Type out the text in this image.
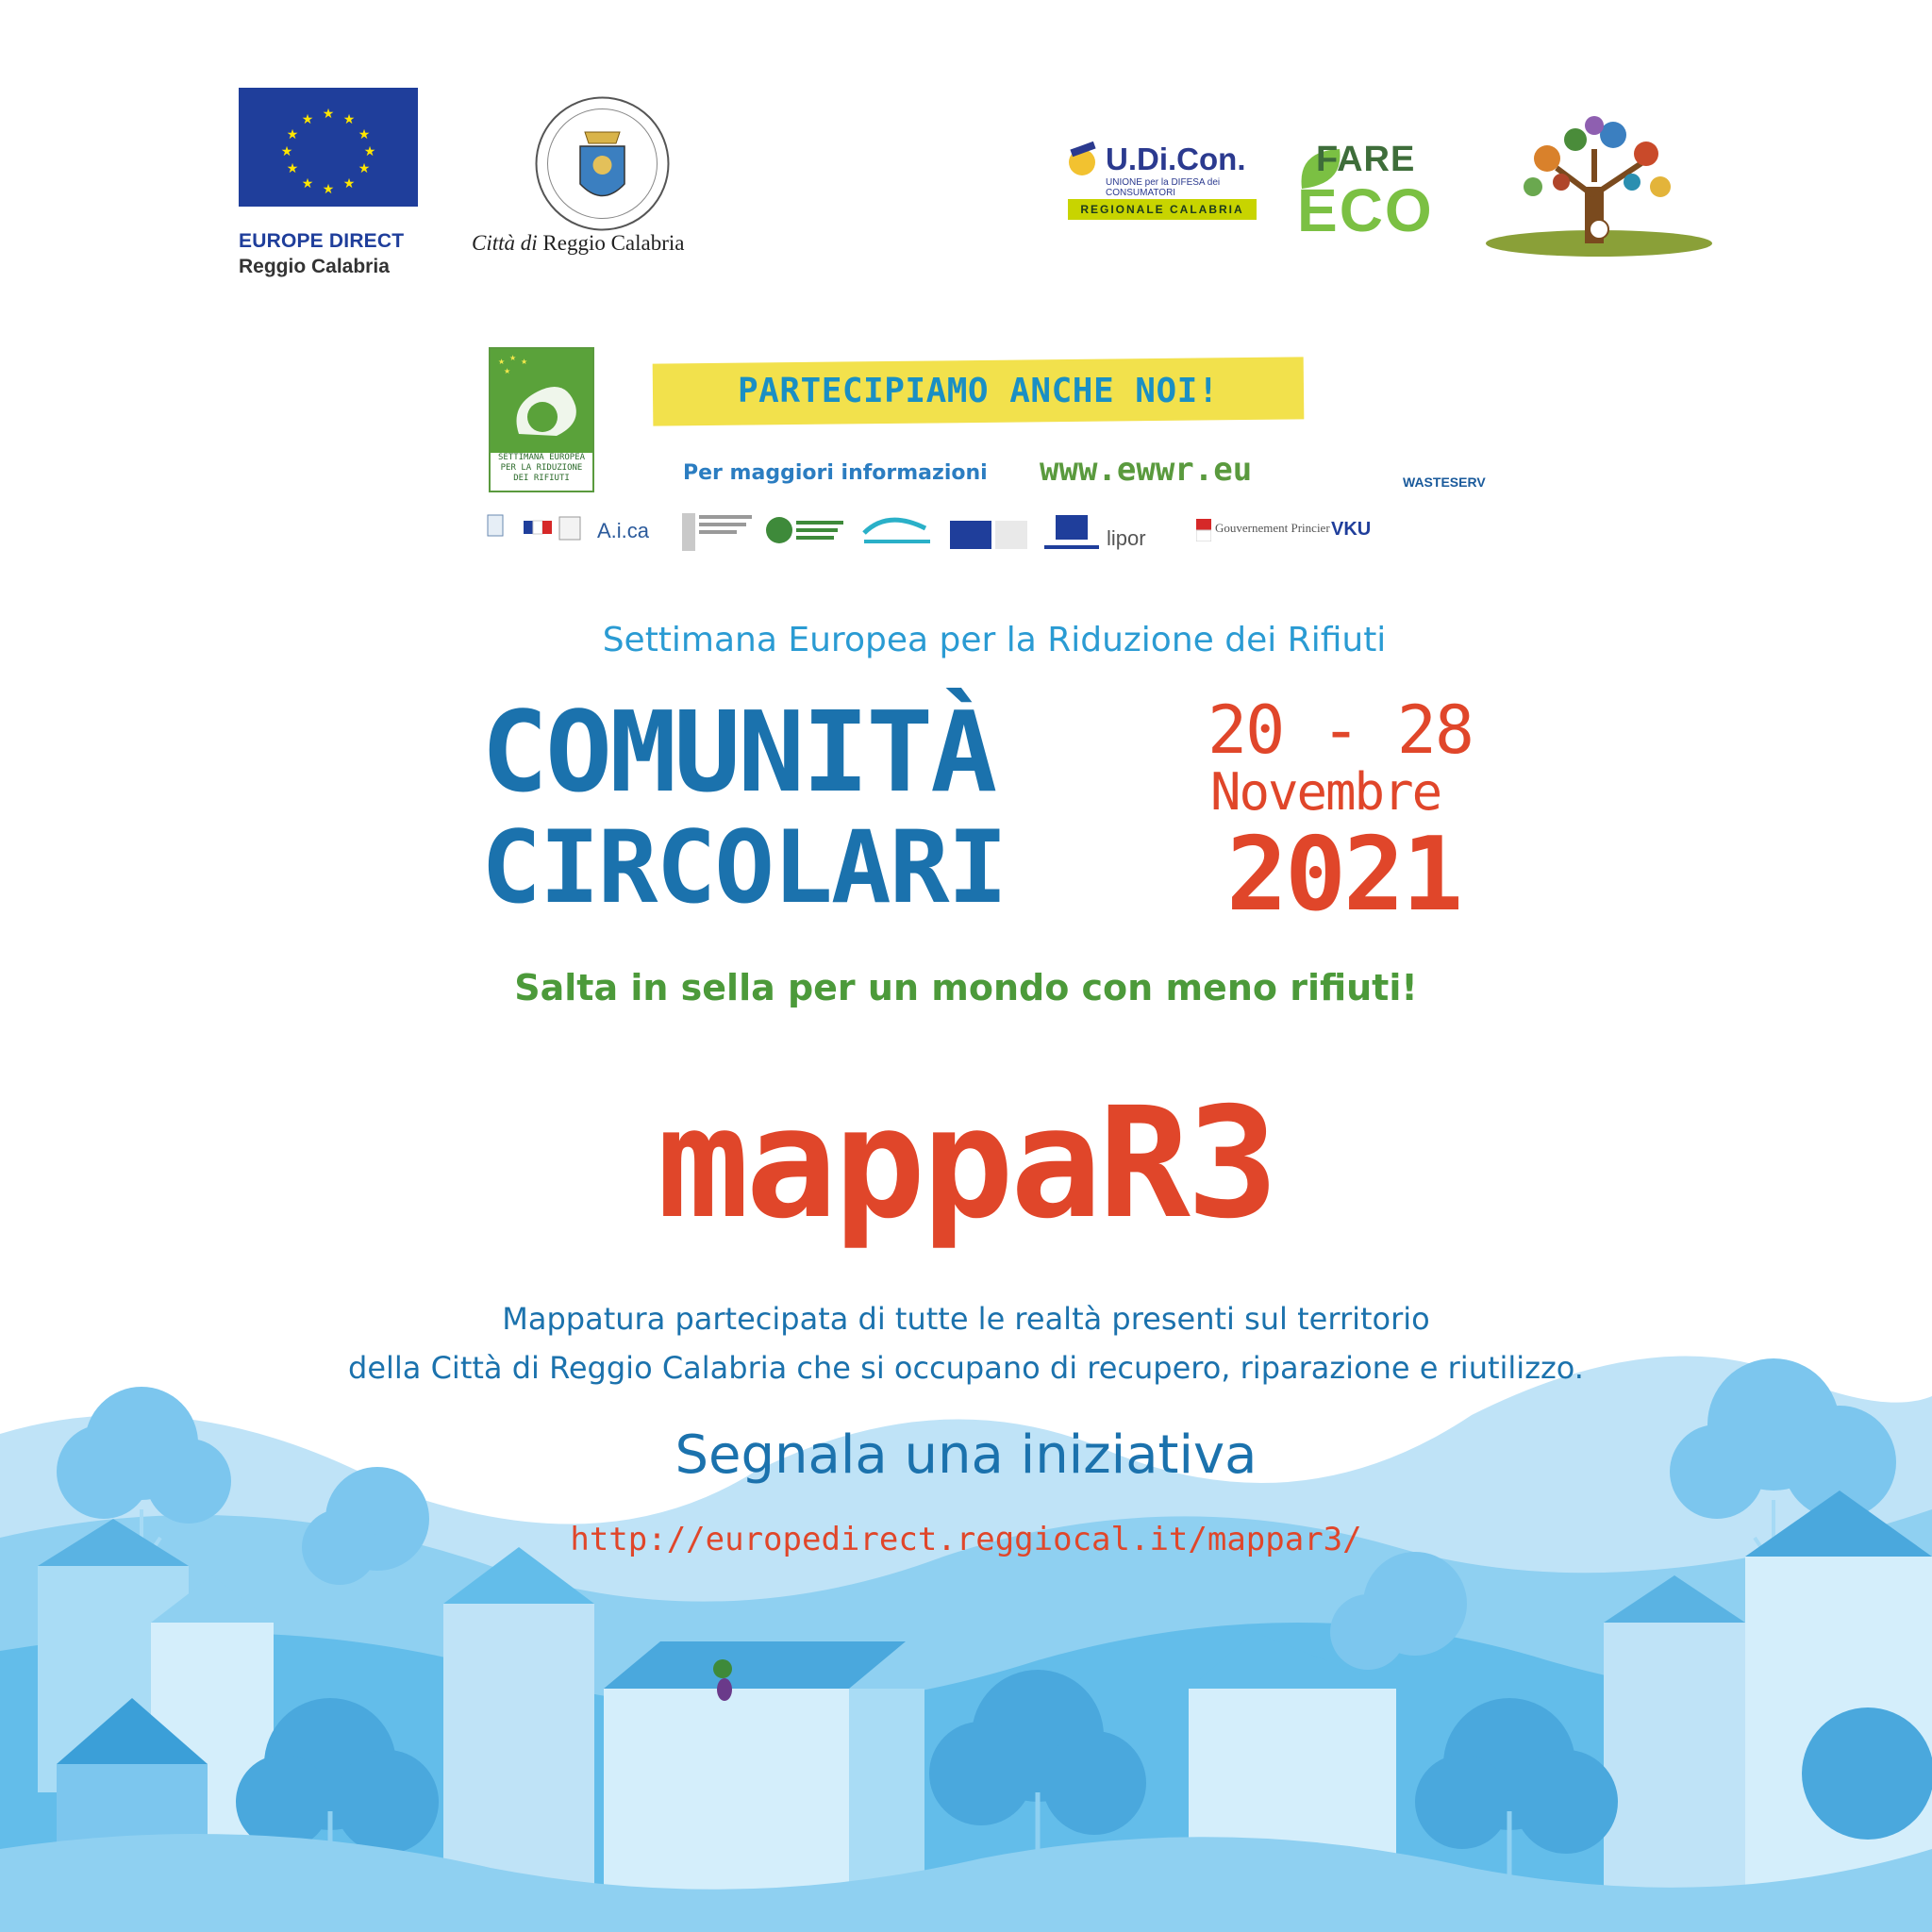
★ ★
★
★
★
★
★
★
★
★
★
★
EUROPE DIRECT
Reggio Calabria
Città di Reggio Calabria
U.Di.Con.
UNIONE per la DIFESA dei CONSUMATORI
REGIONALE CALABRIA
FARE
ECO
★ ★ ★
★
SETTIMANA EUROPEA PER LA RIDUZIONE DEI RIFIUTI
PARTECIPIAMO ANCHE NOI!
Per maggiori informazioni www.ewwr.eu	WASTESERV
A.i.ca	lipor	Gouvernement Princier VKU
Settimana Europea per la Riduzione dei Rifiuti
COMUNITÀ
CIRCOLARI
20 - 28
Novembre
2021
Salta in sella per un mondo con meno rifiuti!
mappaR3
Mappatura partecipata di tutte le realtà presenti sul territorio
della Città di Reggio Calabria che si occupano di recupero, riparazione e riutilizzo.
Segnala una iniziativa
http://europedirect.reggiocal.it/mappar3/
